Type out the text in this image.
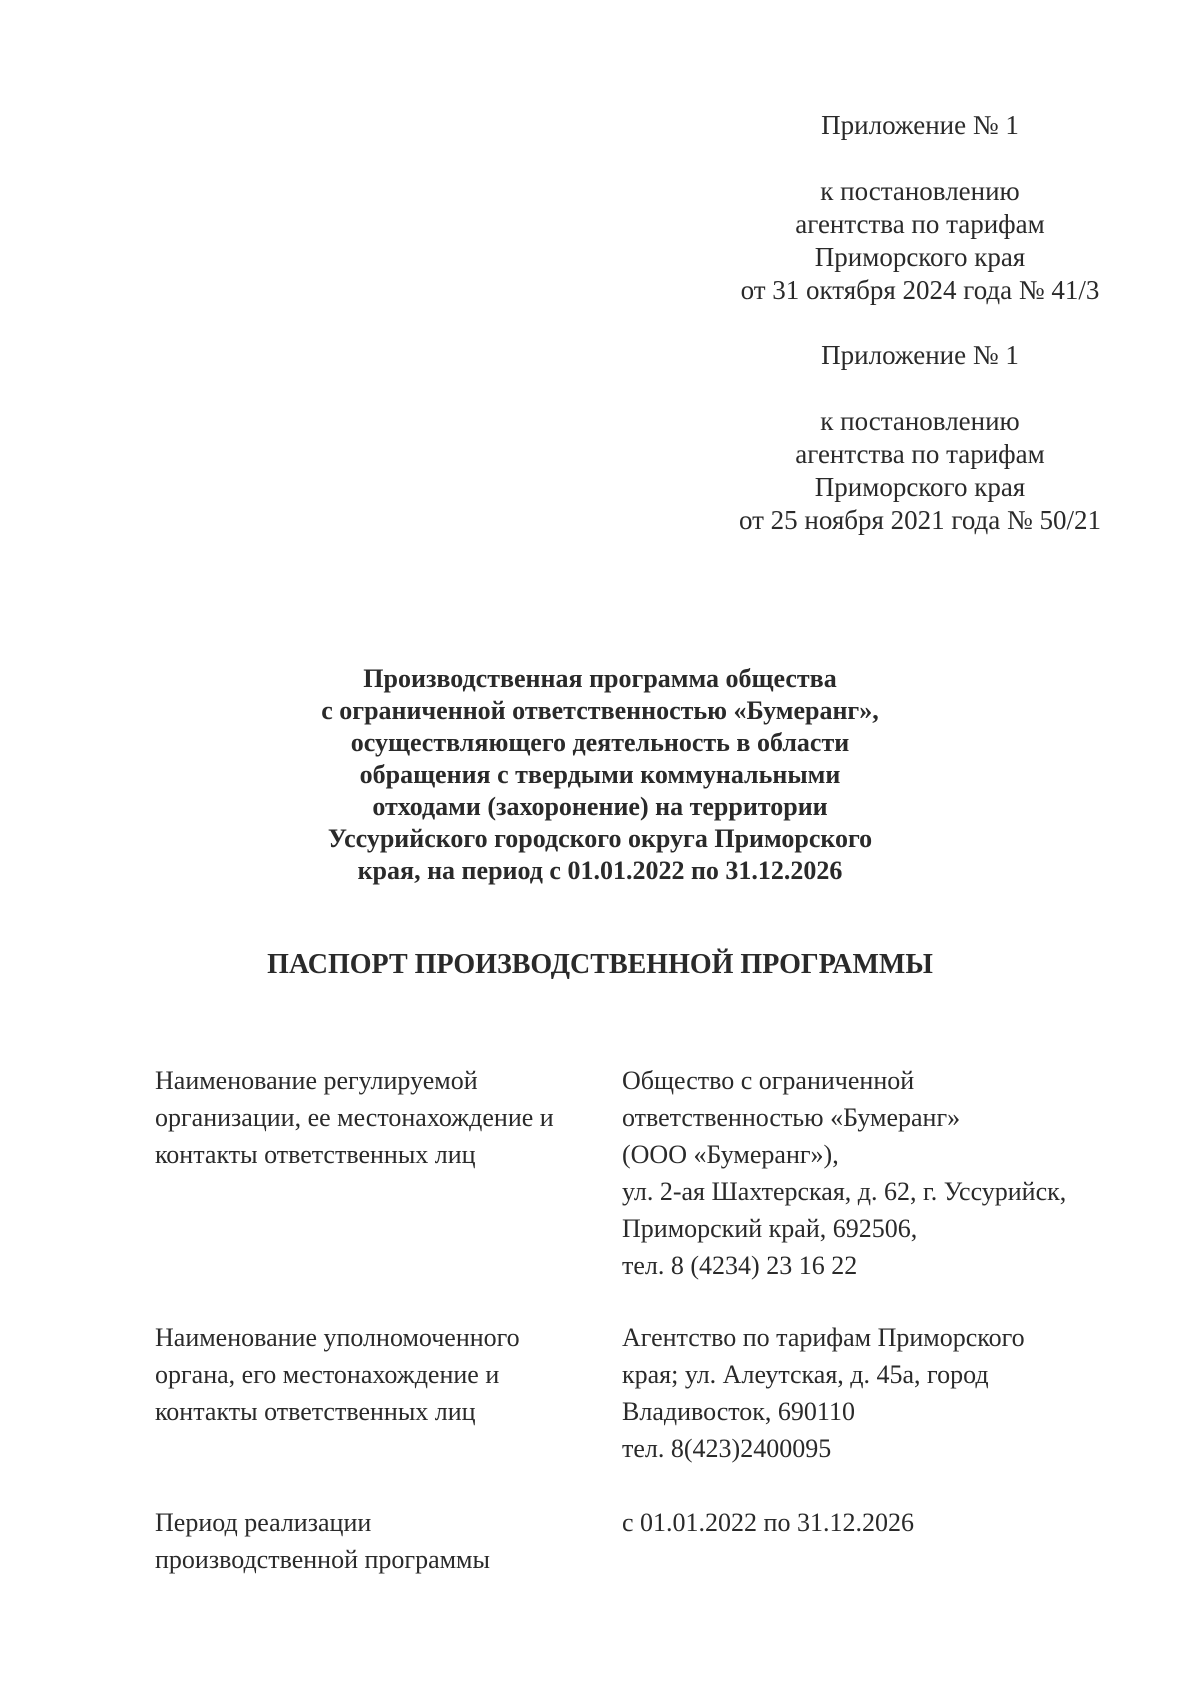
Приложение № 1

к постановлению

агентства по тарифам

Приморского края

от 31 октября 2024 года № 41/3

Приложение № 1

к постановлению

агентства по тарифам

Приморского края

от 25 ноября 2021 года № 50/21

Производственная программа общества

с ограниченной ответственностью «Бумеранг»,

осуществляющего деятельность в области

обращения с твердыми коммунальными

отходами (захоронение) на территории

Уссурийского городского округа Приморского

края, на период с 01.01.2022 по 31.12.2026

ПАСПОРТ ПРОИЗВОДСТВЕННОЙ ПРОГРАММЫ

Наименование регулируемой

организации, ее местонахождение и

контакты ответственных лиц

Общество с ограниченной

ответственностью «Бумеранг»

(ООО «Бумеранг»),

ул. 2-ая Шахтерская, д. 62, г. Уссурийск,

Приморский край, 692506,

тел. 8 (4234) 23 16 22

Наименование уполномоченного

органа, его местонахождение и

контакты ответственных лиц

Агентство по тарифам Приморского

края; ул. Алеутская, д. 45а, город

Владивосток, 690110

тел. 8(423)2400095

Период реализации

производственной программы

с 01.01.2022 по 31.12.2026
